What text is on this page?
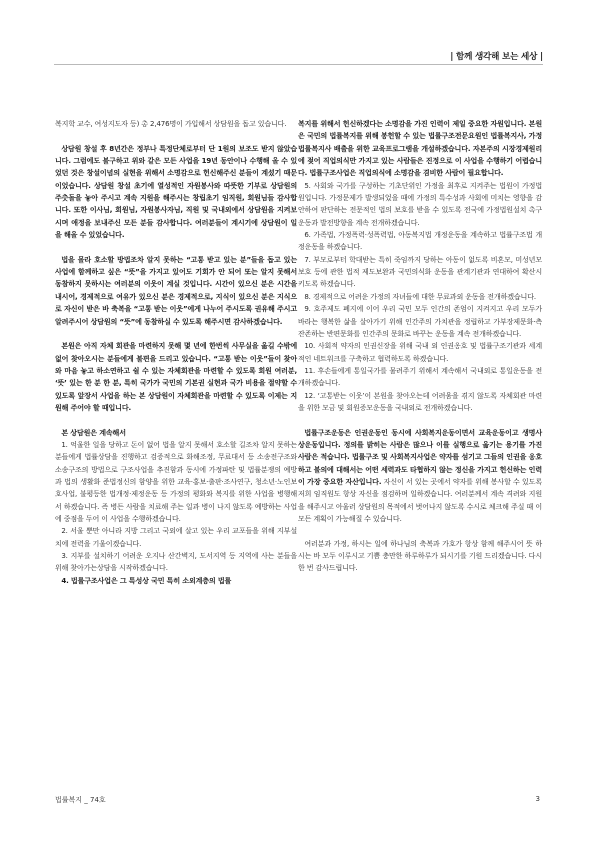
| 함께 생각해 보는 세상 |

복지학 교수, 여성지도자 등) 총 2,476명이 가입해서 상담원을 돕고 있습니다.

상담원 창설 후 8년간은 정부나 특정단체로부터 단 1원의 보조도 받지 않았습니다. 그럼에도 불구하고 위와 같은 모든 사업을 19년 동안이나 수행해 올 수 있었던 것은 창설이념의 실현을 위해서 소명감으로 헌신해주신 분들이 계셨기 때문이었습니다. 상담원 창설 초기에 열성적인 자원봉사와 따뜻한 기부로 상담원의 주춧돌을 놓아 주시고 계속 지원을 해주시는 창립초기 임직원, 회원님들 감사합니다. 또한 이사님, 회원님, 자원봉사자님, 직원 및 국내외에서 상담원을 지켜보시며 애정을 보내주신 모든 분들 감사합니다. 여러분들이 계시기에 상담원이 일을 해올 수 있었습니다.

법을 몰라 호소할 방법조차 알지 못하는 “고통 받고 있는 분”들을 돕고 있는 사업에 함께하고 싶은 “뜻”을 가지고 있어도 기회가 안 되어 또는 알지 못해서 동참하지 못하시는 여러분의 이웃이 계실 것입니다. 시간이 있으신 분은 시간을 내시어, 경제적으로 여유가 있으신 분은 경제적으로, 지식이 있으신 분은 지식으로 자신이 받은 바 축복을 “고통 받는 이웃”에게 나누어 주시도록 권유해 주시고 알려주시어 상담원의 “뜻”에 동참하실 수 있도록 해주시면 감사하겠습니다.

본원은 아직 자체 회관을 마련하지 못해 몇 년에 한번씩 사무실을 옮길 수밖에 없어 찾아오시는 분들에게 불편을 드리고 있습니다. “고통 받는 이웃”들이 찾아와 마음 놓고 하소연하고 쉴 수 있는 자체회관을 마련할 수 있도록 회원 여러분, ‘뜻’ 있는 한 분 한 분, 특히 국가가 국민의 기본권 실현과 국가 비용을 절약할 수 있도록 앞장서 사업을 하는 본 상담원이 자체회관을 마련할 수 있도록 이제는 지원해 주어야 할 때입니다.

본 상담원은 계속해서

1. 억울한 일을 당하고 돈이 없어 법을 알지 못해서 호소할 길조차 알지 못하는 분들에게 법률상담을 진행하고 검증적으로 화해조정, 무료대서 등 소송전구조와 소송구조의 방법으로 구조사업을 추진함과 동시에 가정파탄 및 법률분쟁의 예방과 법의 생활화 준법정신의 함양을 위한 교육·홍보·출판·조사연구, 청소년·노인보호사업, 불평등한 법개정·제정운동 등 가정의 평화와 복지를 위한 사업을 병행해서 하겠습니다. 즉 병든 사람을 치료해 주는 일과 병이 나지 않도록 예방하는 사업에 중점을 두어 이 사업을 수행하겠습니다.

2. 서울 뿐만 아니라 지방 그리고 국외에 살고 있는 우리 교포들을 위해 지부설치에 전력을 기울이겠습니다.

3. 지부를 설치하기 어려운 오지나 산간벽지, 도서지역 등 지역에 사는 분들을 위해 찾아가는상담을 시작하겠습니다.

4. 법률구조사업은 그 특성상 국민 특히 소외계층의 법률

복지를 위해서 헌신하겠다는 소명감을 가진 인력이 제일 중요한 자원입니다. 본원은 국민의 법률복지를 위해 봉헌할 수 있는 법률구조전문요원인 법률복지사, 가정법률복지사 배출을 위한 교육프로그램을 개설하겠습니다. 자본주의 시장경제원리에 젖어 직업의식만 가지고 있는 사람들은 진정으로 이 사업을 수행하기 어렵습니다. 법률구조사업은 직업의식에 소명감을 겸비한 사람이 필요합니다.

5. 사회와 국가를 구성하는 기초단위인 가정을 최후로 지켜주는 법원이 가정법원입니다. 가정문제가 발생되었을 때에 가정의 특수성과 사회에 미치는 영향을 감안하여 판단하는 전문적인 법의 보호를 받을 수 있도록 전국에 가정법원설치 촉구운동과 발전방향을 계속 전개하겠습니다.

6. 가족법, 가정폭력·성폭력법, 아동복지법 개정운동을 계속하고 법률구조법 개정운동을 하겠습니다.

7. 부모로부터 학대받는 특히 죽임까지 당하는 아동이 없도록 비혼모, 미성년모 보호 등에 관한 법적 제도보완과 국민의식화 운동을 관계기관과 연대하여 확산시키도록 하겠습니다.

8. 경제적으로 어려운 가정의 자녀들에 대한 무료과외 운동을 전개하겠습니다.

9. 호주제도 폐지에 이어 우리 국민 모두 인간의 존엄이 지켜지고 우리 모두가 바라는 행복한 삶을 살아가기 위해 인간주의 가치관을 정립하고 가부장제문화·측 잔존하는 반편문화를 인간주의 문화로 바꾸는 운동을 계속 전개하겠습니다.

10. 사회적 약자의 인권신장을 위해 국내 외 인권옹호 및 법률구조기관과 세계적인 네트워크를 구축하고 협력하도록 하겠습니다.

11. 후손들에게 통일국가를 물려주기 위해서 계속해서 국내외로 통일운동을 전개하겠습니다.

12. ‘고통받는 이웃’이 본원을 찾아오는데 어려움을 겪지 않도록 자체회관 마련을 위한 모금 및 회원증모운동을 국내외로 전개하겠습니다.

법률구조운동은 인권운동인 동시에 사회복지운동이면서 교육운동이고 생명사상운동입니다. 정의를 밝히는 사람은 많으나 이를 실행으로 옮기는 용기를 가진 사람은 적습니다. 법률구조 및 사회복지사업은 약자를 섬기고 그들의 인권을 옹호하고 불의에 대해서는 어떤 세력과도 타협하지 않는 정신을 가지고 헌신하는 인력이 가장 중요한 자산입니다. 자신이 서 있는 곳에서 약자를 위해 봉사할 수 있도록 저희 임직원도 항상 자신을 점검하며 일하겠습니다. 여러분께서 계속 격려와 지원을 해주시고 아울러 상담원의 목적에서 벗어나지 않도록 수시로 체크해 주실 때 이 모든 계획이 가능해질 수 있습니다.

여러분과 가정, 하시는 일에 하나님의 축복과 가호가 항상 함께 해주시어 뜻 하시는 바 모두 이루시고 기쁨 충만한 하루하루가 되시기를 기원 드리겠습니다. 다시 한 번 감사드립니다.

법률복지 _ 74호	3
